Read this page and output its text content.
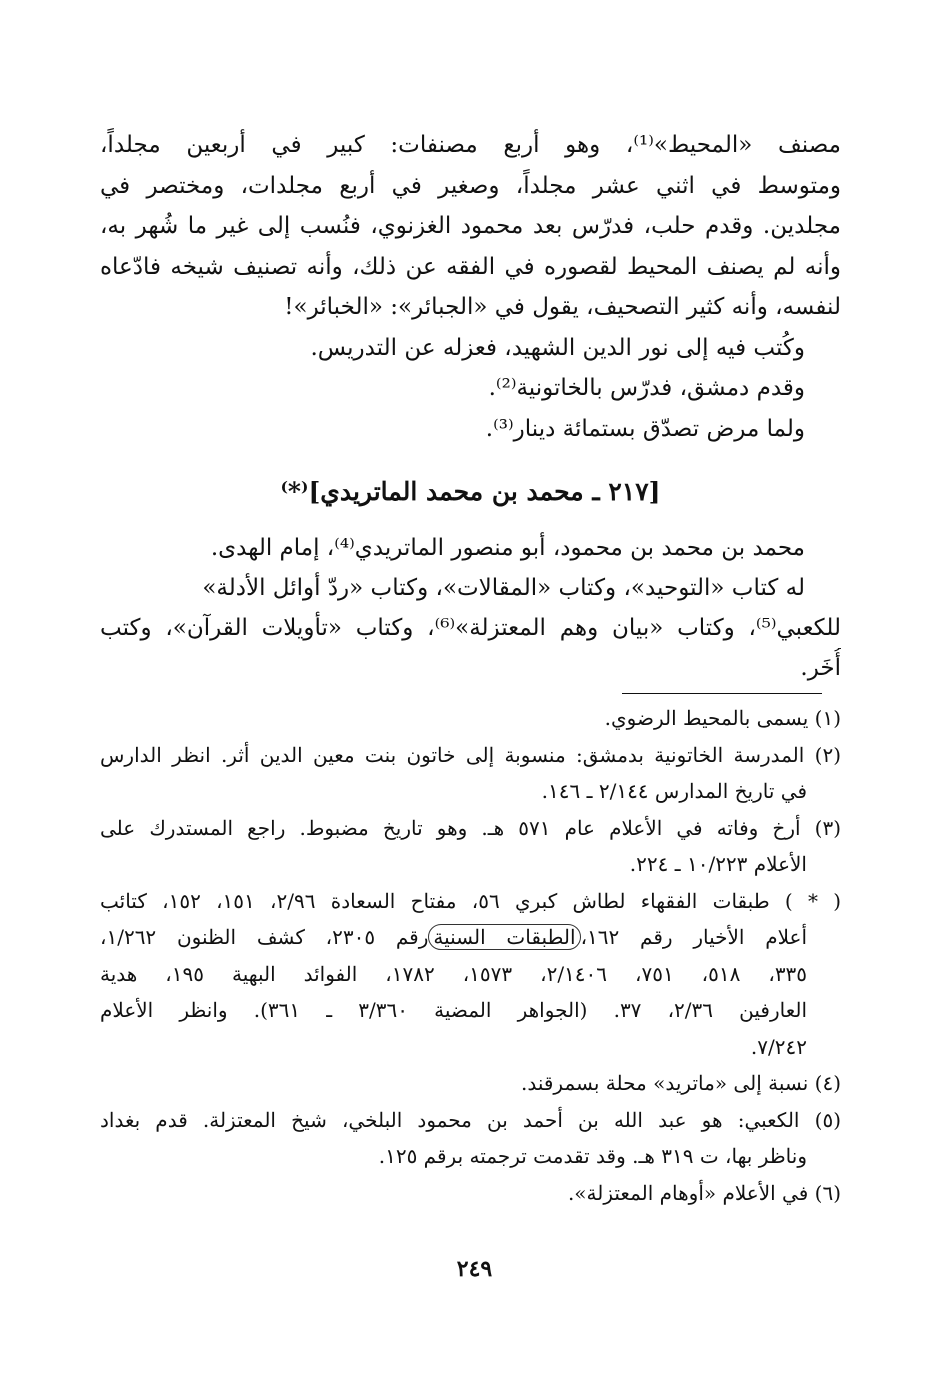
مصنف «المحيط»⁽¹⁾، وهو أربع مصنفات: كبير في أربعين مجلداً،
ومتوسط في اثني عشر مجلداً، وصغير في أربع مجلدات، ومختصر في
مجلدين. وقدم حلب، فدرّس بعد محمود الغزنوي، فنُسب إلى غير ما شُهر به،
وأنه لم يصنف المحيط لقصوره في الفقه عن ذلك، وأنه تصنيف شيخه فادّعاه
لنفسه، وأنه كثير التصحيف، يقول في «الجبائر»: «الخبائر»!
وكُتب فيه إلى نور الدين الشهيد، فعزله عن التدريس.
وقدم دمشق، فدرّس بالخاتونية⁽²⁾.
ولما مرض تصدّق بستمائة دينار⁽³⁾.
[٢١٧ ـ محمد بن محمد الماتريدي]⁽*⁾
محمد بن محمد بن محمود، أبو منصور الماتريدي⁽⁴⁾، إمام الهدى.
له كتاب «التوحيد»، وكتاب «المقالات»، وكتاب «ردّ أوائل الأدلة»
للكعبي⁽⁵⁾، وكتاب «بيان وهم المعتزلة»⁽⁶⁾، وكتاب «تأويلات القرآن»، وكتب
أُخَر.
(١) يسمى بالمحيط الرضوي.
(٢) المدرسة الخاتونية بدمشق: منسوبة إلى خاتون بنت معين الدين أثر. انظر الدارس
في تاريخ المدارس ٢/١٤٤ ـ ١٤٦.
(٣) أرخ وفاته في الأعلام عام ٥٧١ هـ. وهو تاريخ مضبوط. راجع المستدرك على
الأعلام ١٠/٢٢٣ ـ ٢٢٤.
( * ) طبقات الفقهاء لطاش كبري ٥٦، مفتاح السعادة ٢/٩٦، ١٥١، ١٥٢، كتائب
أعلام الأخيار رقم ١٦٢،الطبقات السنيةرقم ٢٣٠٥، كشف الظنون ١/٢٦٢،
٣٣٥، ٥١٨، ٧٥١، ٢/١٤٠٦، ١٥٧٣، ١٧٨٢، الفوائد البهية ١٩٥، هدية
العارفين ٢/٣٦، ٣٧. (الجواهر المضية ٣/٣٦٠ ـ ٣٦١). وانظر الأعلام
٧/٢٤٢.
(٤) نسبة إلى «ماتريد» محلة بسمرقند.
(٥) الكعبي: هو عبد الله بن أحمد بن محمود البلخي، شيخ المعتزلة. قدم بغداد
وناظر بها، ت ٣١٩ هـ. وقد تقدمت ترجمته برقم ١٢٥.
(٦) في الأعلام «أوهام المعتزلة».
٢٤٩
